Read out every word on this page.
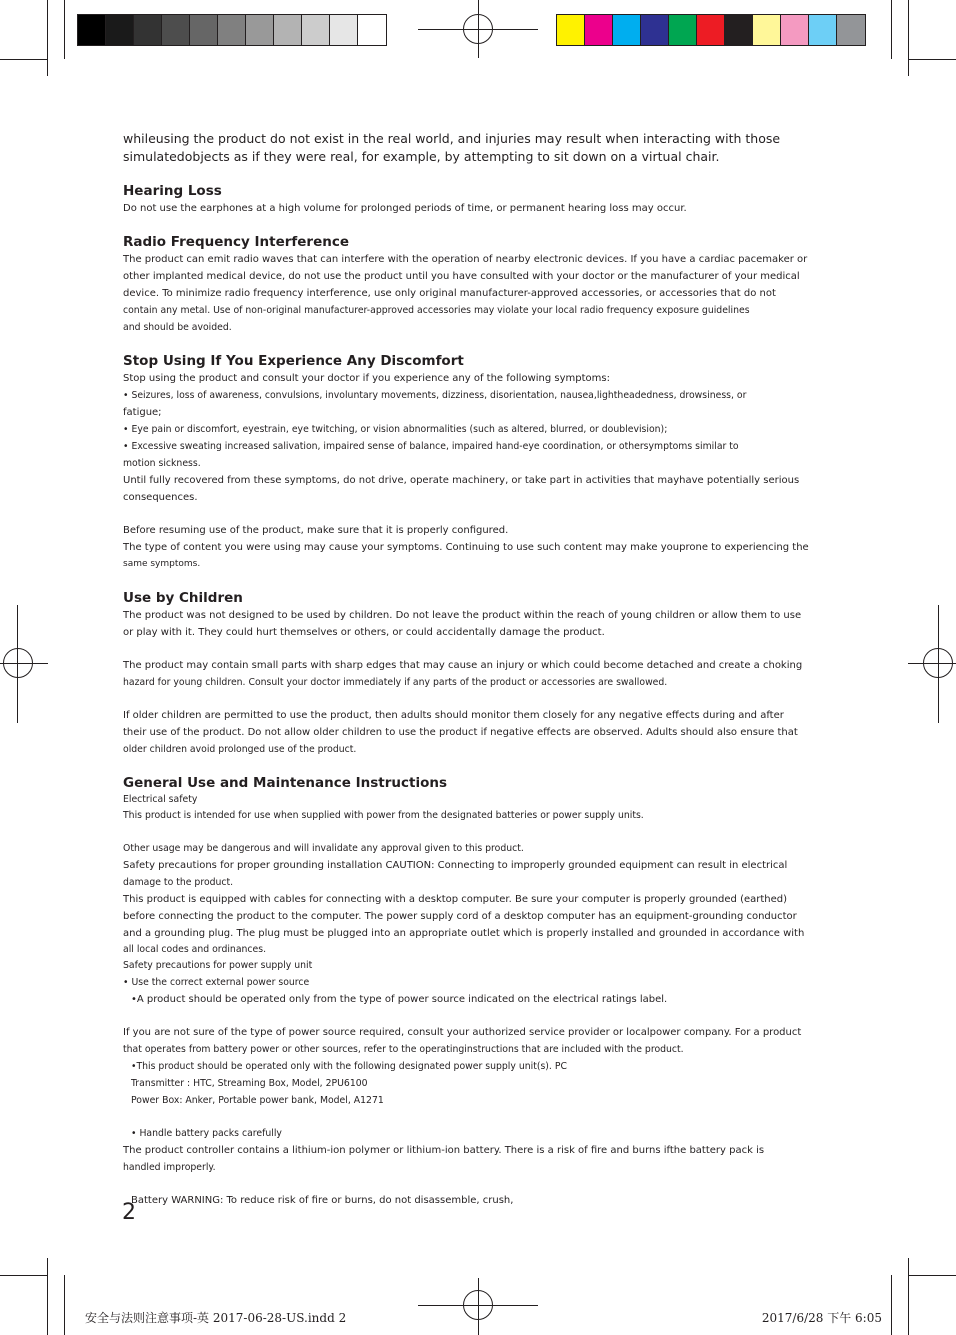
whileusing the product do not exist in the real world, and injuries may result when interacting with those

simulatedobjects as if they were real, for example, by attempting to sit down on a virtual chair.

Hearing Loss

Do not use the earphones at a high volume for prolonged periods of time, or permanent hearing loss may occur.

Radio Frequency Interference

The product can emit radio waves that can interfere with the operation of nearby electronic devices. If you have a cardiac pacemaker or

other implanted medical device, do not use the product until you have consulted with your doctor or the manufacturer of your medical

device. To minimize radio frequency interference, use only original manufacturer-approved accessories, or accessories that do not

contain any metal. Use of non-original manufacturer-approved accessories may violate your local radio frequency exposure guidelines

and should be avoided.

Stop Using If You Experience Any Discomfort

Stop using the product and consult your doctor if you experience any of the following symptoms:

• Seizures, loss of awareness, convulsions, involuntary movements, dizziness, disorientation, nausea,lightheadedness, drowsiness, or

fatigue;

• Eye pain or discomfort, eyestrain, eye twitching, or vision abnormalities (such as altered, blurred, or doublevision);

• Excessive sweating increased salivation, impaired sense of balance, impaired hand-eye coordination, or othersymptoms similar to

motion sickness.

Until fully recovered from these symptoms, do not drive, operate machinery, or take part in activities that mayhave potentially serious

consequences.

Before resuming use of the product, make sure that it is properly configured.

The type of content you were using may cause your symptoms. Continuing to use such content may make youprone to experiencing the

same symptoms.

Use by Children

The product was not designed to be used by children. Do not leave the product within the reach of young children or allow them to use

or play with it. They could hurt themselves or others, or could accidentally damage the product.

The product may contain small parts with sharp edges that may cause an injury or which could become detached and create a choking

hazard for young children. Consult your doctor immediately if any parts of the product or accessories are swallowed.

If older children are permitted to use the product, then adults should monitor them closely for any negative effects during and after

their use of the product. Do not allow older children to use the product if negative effects are observed. Adults should also ensure that

older children avoid prolonged use of the product.

General Use and Maintenance Instructions

Electrical safety

This product is intended for use when supplied with power from the designated batteries or power supply units.

Other usage may be dangerous and will invalidate any approval given to this product.

Safety precautions for proper grounding installation CAUTION: Connecting to improperly grounded equipment can result in electrical

damage to the product.

This product is equipped with cables for connecting with a desktop computer. Be sure your computer is properly grounded (earthed)

before connecting the product to the computer. The power supply cord of a desktop computer has an equipment-grounding conductor

and a grounding plug. The plug must be plugged into an appropriate outlet which is properly installed and grounded in accordance with

all local codes and ordinances.

Safety precautions for power supply unit

• Use the correct external power source

•A product should be operated only from the type of power source indicated on the electrical ratings label.

If you are not sure of the type of power source required, consult your authorized service provider or localpower company. For a product

that operates from battery power or other sources, refer to the operatinginstructions that are included with the product.

•This product should be operated only with the following designated power supply unit(s). PC

Transmitter : HTC, Streaming Box, Model, 2PU6100

Power Box: Anker, Portable power bank, Model, A1271

• Handle battery packs carefully

The product controller contains a lithium-ion polymer or lithium-ion battery. There is a risk of fire and burns ifthe battery pack is

handled improperly.

Battery WARNING: To reduce risk of fire or burns, do not disassemble, crush,

2
安全与法则注意事项-英 2017-06-28-US.indd 2	2017/6/28 下午 6:05
